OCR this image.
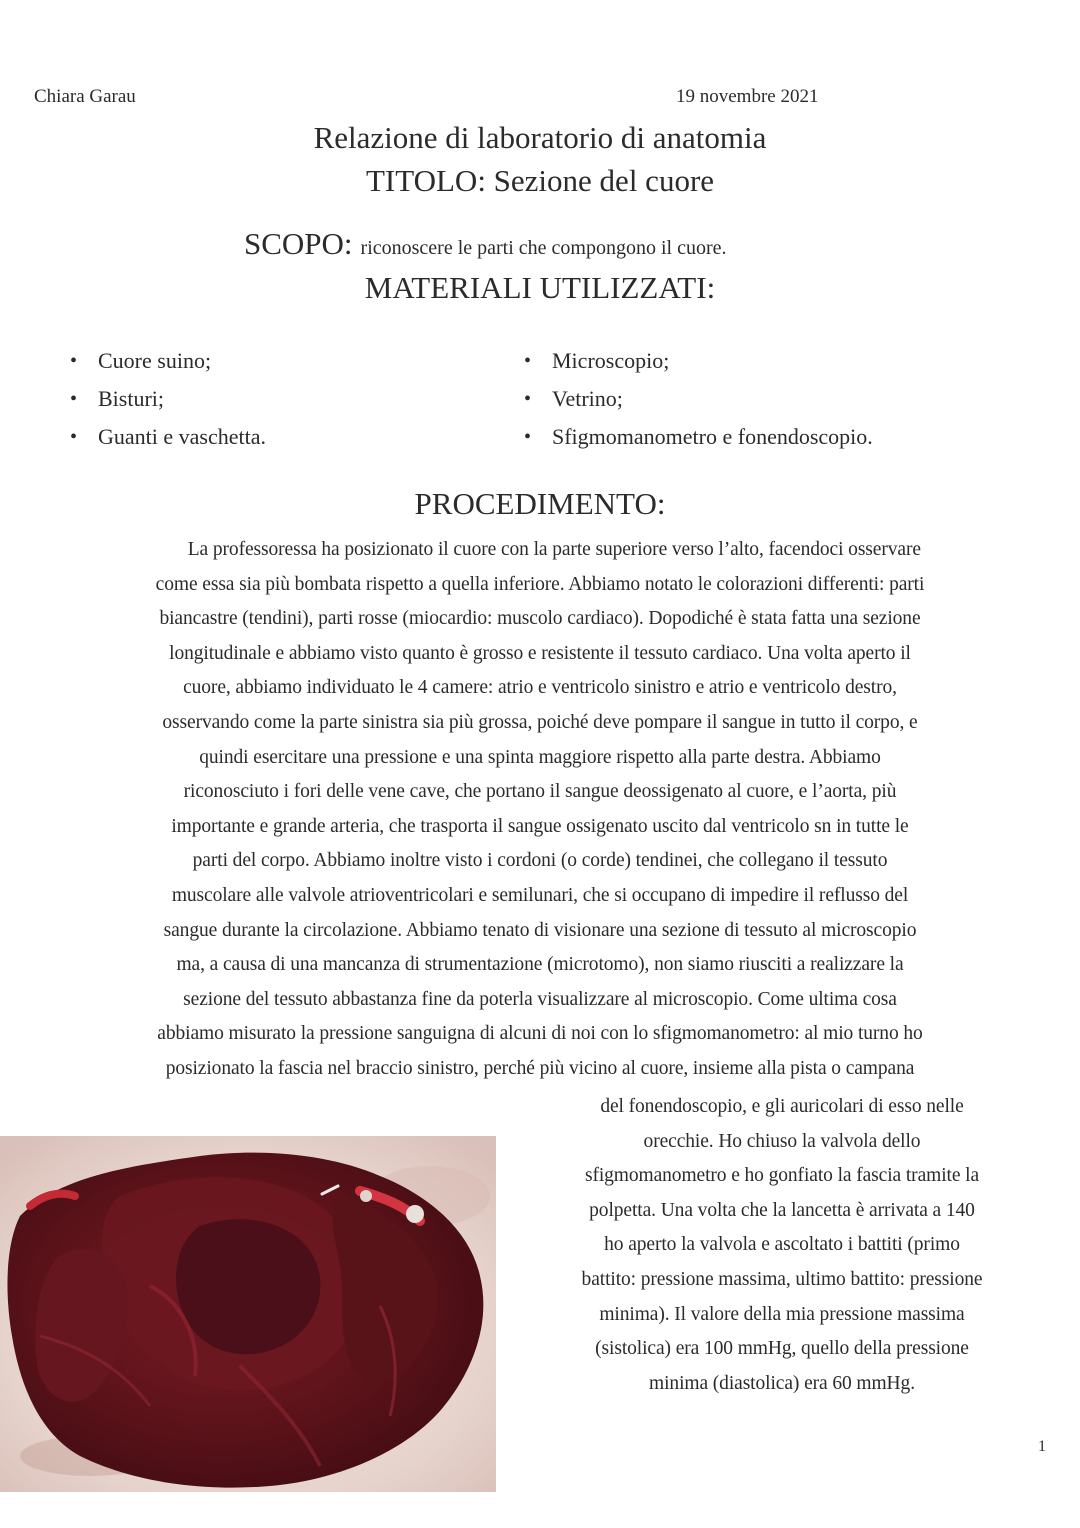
Chiara Garau	19 novembre 2021
Relazione di laboratorio di anatomia
TITOLO: Sezione del cuore
SCOPO: riconoscere le parti che compongono il cuore.
MATERIALI UTILIZZATI:
• Cuore suino;
• Bisturi;
• Guanti e vaschetta.
• Microscopio;
• Vetrino;
• Sfigmomanometro e fonendoscopio.
PROCEDIMENTO:
La professoressa ha posizionato il cuore con la parte superiore verso l’alto, facendoci osservare
come essa sia più bombata rispetto a quella inferiore. Abbiamo notato le colorazioni differenti: parti
biancastre (tendini), parti rosse (miocardio: muscolo cardiaco). Dopodiché è stata fatta una sezione
longitudinale e abbiamo visto quanto è grosso e resistente il tessuto cardiaco. Una volta aperto il
cuore, abbiamo individuato le 4 camere: atrio e ventricolo sinistro e atrio e ventricolo destro,
osservando come la parte sinistra sia più grossa, poiché deve pompare il sangue in tutto il corpo, e
quindi esercitare una pressione e una spinta maggiore rispetto alla parte destra. Abbiamo
riconosciuto i fori delle vene cave, che portano il sangue deossigenato al cuore, e l’aorta, più
importante e grande arteria, che trasporta il sangue ossigenato uscito dal ventricolo sn in tutte le
parti del corpo. Abbiamo inoltre visto i cordoni (o corde) tendinei, che collegano il tessuto
muscolare alle valvole atrioventricolari e semilunari, che si occupano di impedire il reflusso del
sangue durante la circolazione. Abbiamo tenato di visionare una sezione di tessuto al microscopio
ma, a causa di una mancanza di strumentazione (microtomo), non siamo riusciti a realizzare la
sezione del tessuto abbastanza fine da poterla visualizzare al microscopio. Come ultima cosa
abbiamo misurato la pressione sanguigna di alcuni di noi con lo sfigmomanometro: al mio turno ho
posizionato la fascia nel braccio sinistro, perché più vicino al cuore, insieme alla pista o campana
del fonendoscopio, e gli auricolari di esso nelle
orecchie. Ho chiuso la valvola dello
sfigmomanometro e ho gonfiato la fascia tramite la
polpetta. Una volta che la lancetta è arrivata a 140
ho aperto la valvola e ascoltato i battiti (primo
battito: pressione massima, ultimo battito: pressione
minima). Il valore della mia pressione massima
(sistolica) era 100 mmHg, quello della pressione
minima (diastolica) era 60 mmHg.
1
